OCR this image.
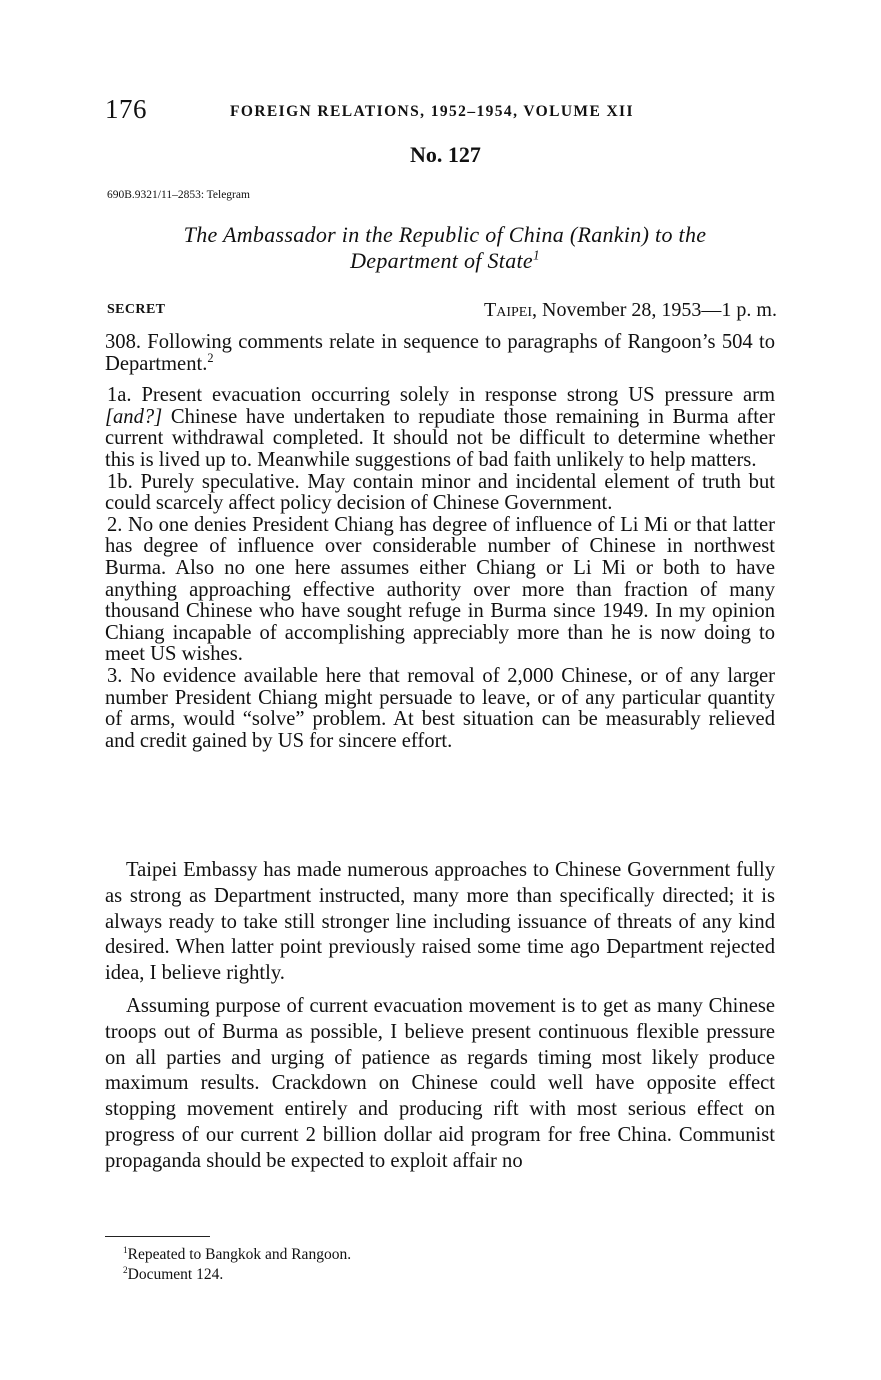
176	FOREIGN RELATIONS, 1952–1954, VOLUME XII
No. 127
690B.9321/11–2853: Telegram
The Ambassador in the Republic of China (Rankin) to the
Department of State$^1$
SECRET	Taipei, November 28, 1953—1 p. m.

308. Following comments relate in sequence to paragraphs of Rangoon’s 504 to Department.$^2$

1a. Present evacuation occurring solely in response strong US pressure arm [and?] Chinese have undertaken to repudiate those remaining in Burma after current withdrawal completed. It should not be difficult to determine whether this is lived up to. Meanwhile suggestions of bad faith unlikely to help matters.

1b. Purely speculative. May contain minor and incidental element of truth but could scarcely affect policy decision of Chinese Government.

2. No one denies President Chiang has degree of influence of Li Mi or that latter has degree of influence over considerable number of Chinese in northwest Burma. Also no one here assumes either Chiang or Li Mi or both to have anything approaching effective authority over more than fraction of many thousand Chinese who have sought refuge in Burma since 1949. In my opinion Chiang incapable of accomplishing appreciably more than he is now doing to meet US wishes.

3. No evidence available here that removal of 2,000 Chinese, or of any larger number President Chiang might persuade to leave, or of any particular quantity of arms, would “solve” problem. At best situation can be measurably relieved and credit gained by US for sincere effort.

Taipei Embassy has made numerous approaches to Chinese Government fully as strong as Department instructed, many more than specifically directed; it is always ready to take still stronger line including issuance of threats of any kind desired. When latter point previously raised some time ago Department rejected idea, I believe rightly.

Assuming purpose of current evacuation movement is to get as many Chinese troops out of Burma as possible, I believe present continuous flexible pressure on all parties and urging of patience as regards timing most likely produce maximum results. Crackdown on Chinese could well have opposite effect stopping movement entirely and producing rift with most serious effect on progress of our current 2 billion dollar aid program for free China. Communist propaganda should be expected to exploit affair no

$^1$Repeated to Bangkok and Rangoon.
$^2$Document 124.
